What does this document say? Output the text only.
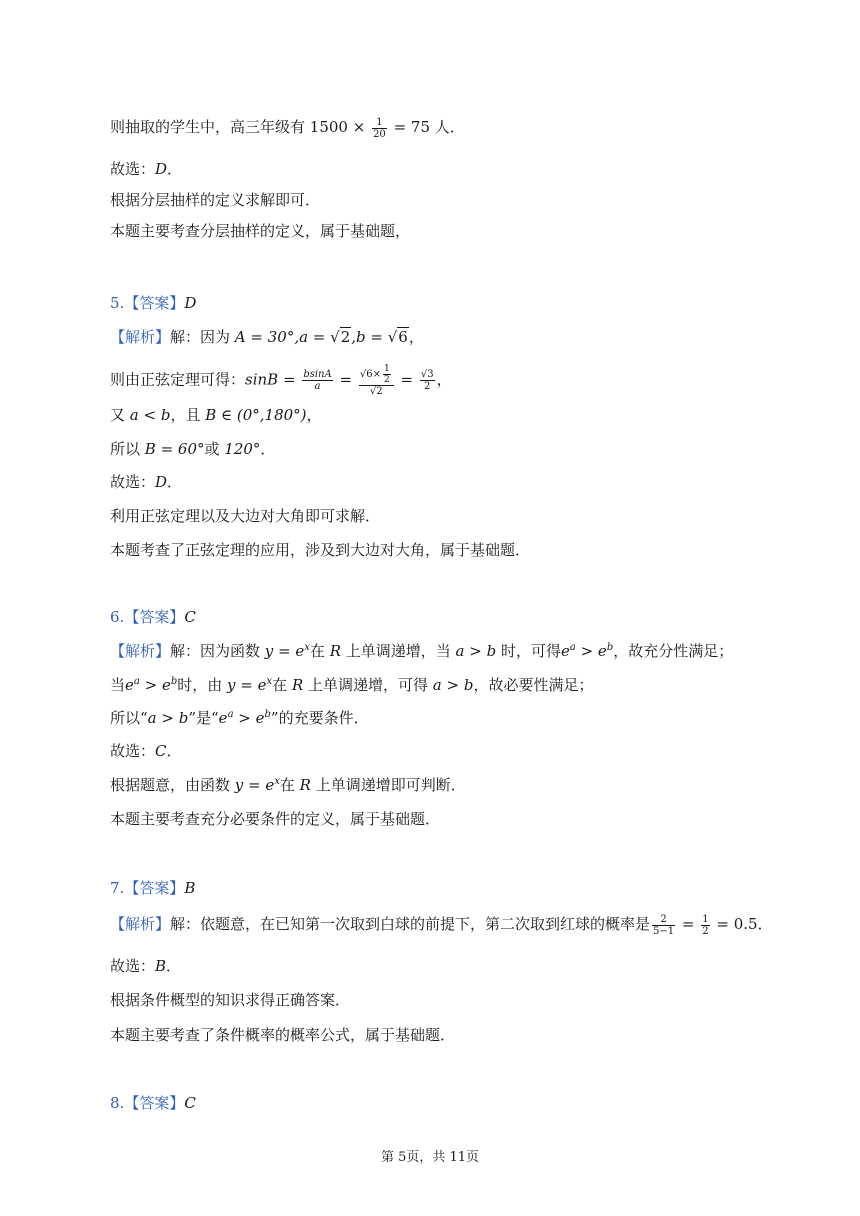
则抽取的学生中，高三年级有 $1500 \times \frac{1}{20} = 75$ 人．
故选：D．
根据分层抽样的定义求解即可．
本题主要考查分层抽样的定义，属于基础题，
5.【答案】D
【解析】解：因为 A = 30°,a = √2,b = √6，
则由正弦定理可得：$\sin B = \frac{bsinA}{a} = \frac{√6\times \frac{1}{2}}{√2} = \frac{√3}{2}$ ，
又 a < b，且 B ∈ (0°,180°)，
所以 B = 60°或 120°．
故选：D．
利用正弦定理以及大边对大角即可求解．
本题考查了正弦定理的应用，涉及到大边对大角，属于基础题．
6.【答案】C
【解析】解：因为函数 $y = e^x$在 R 上单调递增，当 a > b 时，可得$e^a > e^b$，故充分性满足；
当$e^a > e^b$时，由 $y = e^x$在 R 上单调递增，可得 a > b，故必要性满足；
所以“a > b”是“$e^a > e^b$”的充要条件．
故选：C．
根据题意，由函数 $y = e^x$在 R 上单调递增即可判断．
本题主要考查充分必要条件的定义，属于基础题．
7.【答案】B
【解析】解：依题意，在已知第一次取到白球的前提下，第二次取到红球的概率是 $\frac{2}{5-1} = \frac{1}{2} = 0.5$．
故选：B．
根据条件概型的知识求得正确答案．
本题主要考查了条件概率的概率公式，属于基础题．
8.【答案】C
第 5页，共 11页
